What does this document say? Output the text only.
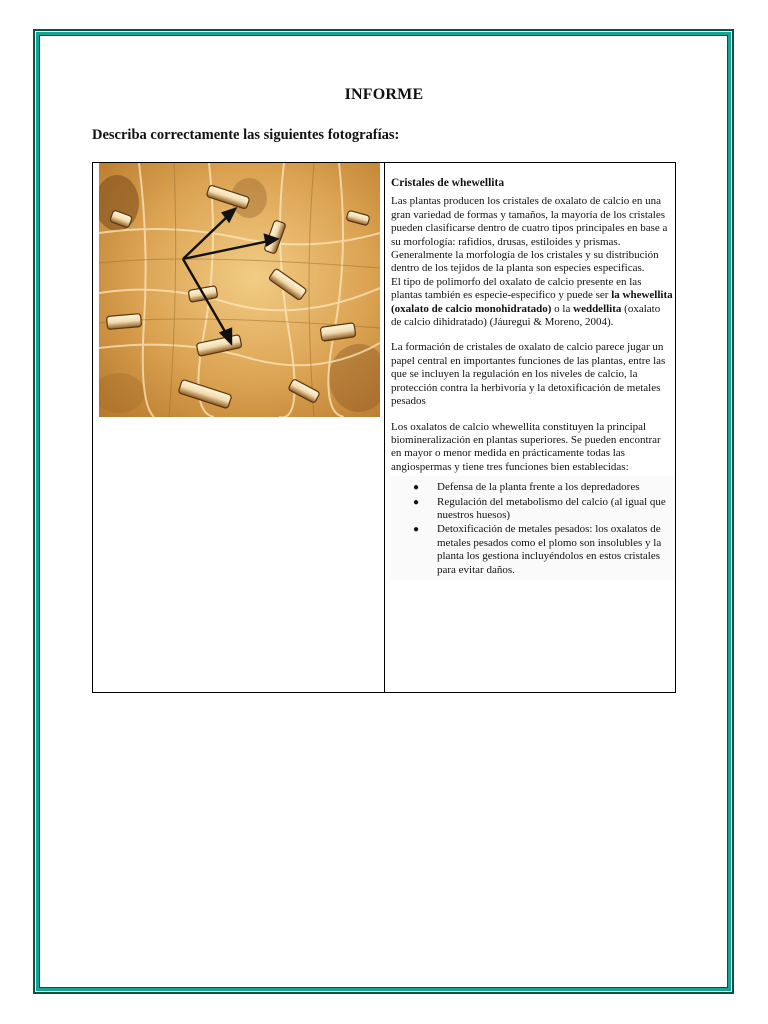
INFORME
Describa correctamente las siguientes fotografías:
Cristales de whewellita

Las plantas producen los cristales de oxalato de calcio en una gran variedad de formas y tamaños, la mayoría de los cristales pueden clasificarse dentro de cuatro tipos principales en base a su morfología: rafidios, drusas, estiloides y prismas.
Generalmente la morfología de los cristales y su distribución dentro de los tejidos de la planta son especies especificas.
El tipo de polimorfo del oxalato de calcio presente en las plantas también es especie-especifico y puede ser la whewellita (oxalato de calcio monohidratado) o la weddellita (oxalato de calcio dihidratado) (Jáuregui & Moreno, 2004).

La formación de cristales de oxalato de calcio parece jugar un papel central en importantes funciones de las plantas, entre las que se incluyen la regulación en los niveles de calcio, la protección contra la herbivoría y la detoxificación de metales pesados

Los oxalatos de calcio whewellita constituyen la principal biomineralización en plantas superiores. Se pueden encontrar en mayor o menor medida en prácticamente todas las angiospermas y tiene tres funciones bien establecidas:

● Defensa de la planta frente a los depredadores
● Regulación del metabolismo del calcio (al igual que nuestros huesos)
● Detoxificación de metales pesados: los oxalatos de metales pesados como el plomo son insolubles y la planta los gestiona incluyéndolos en estos cristales para evitar daños.
